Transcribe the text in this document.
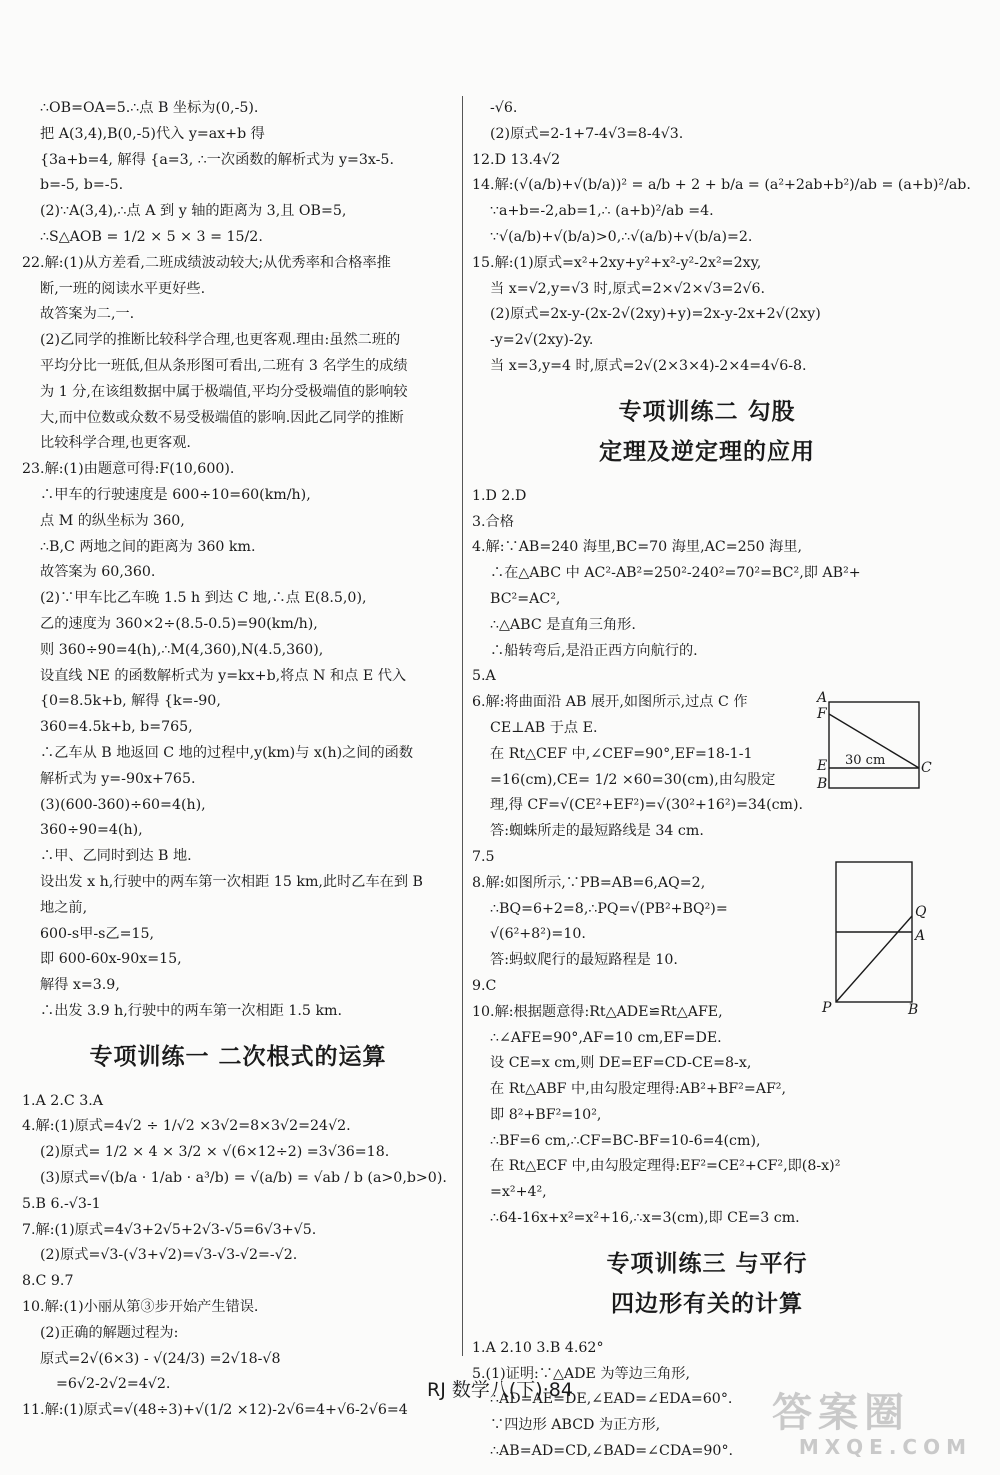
∴OB=OA=5.∴点 B 坐标为(0,-5).
把 A(3,4),B(0,-5)代入 y=ax+b 得
{3a+b=4, 解得 {a=3, ∴一次函数的解析式为 y=3x-5.
b=-5, b=-5.
(2)∵A(3,4),∴点 A 到 y 轴的距离为 3,且 OB=5,
∴S△AOB = 1/2 × 5 × 3 = 15/2.
22.解:(1)从方差看,二班成绩波动较大;从优秀率和合格率推
断,一班的阅读水平更好些.
故答案为二,一.
(2)乙同学的推断比较科学合理,也更客观.理由:虽然二班的
平均分比一班低,但从条形图可看出,二班有 3 名学生的成绩
为 1 分,在该组数据中属于极端值,平均分受极端值的影响较
大,而中位数或众数不易受极端值的影响.因此乙同学的推断
比较科学合理,也更客观.
23.解:(1)由题意可得:F(10,600).
∴甲车的行驶速度是 600÷10=60(km/h),
点 M 的纵坐标为 360,
∴B,C 两地之间的距离为 360 km.
故答案为 60,360.
(2)∵甲车比乙车晚 1.5 h 到达 C 地,∴点 E(8.5,0),
乙的速度为 360×2÷(8.5-0.5)=90(km/h),
则 360÷90=4(h),∴M(4,360),N(4.5,360),
设直线 NE 的函数解析式为 y=kx+b,将点 N 和点 E 代入
{0=8.5k+b, 解得 {k=-90,
360=4.5k+b, b=765,
∴乙车从 B 地返回 C 地的过程中,y(km)与 x(h)之间的函数
解析式为 y=-90x+765.
(3)(600-360)÷60=4(h),
360÷90=4(h),
∴甲、乙同时到达 B 地.
设出发 x h,行驶中的两车第一次相距 15 km,此时乙车在到 B
地之前,
600-s甲-s乙=15,
即 600-60x-90x=15,
解得 x=3.9,
∴出发 3.9 h,行驶中的两车第一次相距 1.5 km.
专项训练一 二次根式的运算
1.A 2.C 3.A
4.解:(1)原式=4√2 ÷ 1/√2 ×3√2=8×3√2=24√2.
(2)原式= 1/2 × 4 × 3/2 × √(6×12÷2) =3√36=18.
(3)原式=√(b/a · 1/ab · a³/b) = √(a/b) = √ab / b (a>0,b>0).
5.B 6.-√3-1
7.解:(1)原式=4√3+2√5+2√3-√5=6√3+√5.
(2)原式=√3-(√3+√2)=√3-√3-√2=-√2.
8.C 9.7
10.解:(1)小丽从第③步开始产生错误.
(2)正确的解题过程为:
原式=2√(6×3) - √(24/3) =2√18-√8
=6√2-2√2=4√2.
11.解:(1)原式=√(48÷3)+√(1/2 ×12)-2√6=4+√6-2√6=4
-√6.
(2)原式=2-1+7-4√3=8-4√3.
12.D 13.4√2
14.解:(√(a/b)+√(b/a))² = a/b + 2 + b/a = (a²+2ab+b²)/ab = (a+b)²/ab.
∵a+b=-2,ab=1,∴ (a+b)²/ab =4.
∵√(a/b)+√(b/a)>0,∴√(a/b)+√(b/a)=2.
15.解:(1)原式=x²+2xy+y²+x²-y²-2x²=2xy,
当 x=√2,y=√3 时,原式=2×√2×√3=2√6.
(2)原式=2x-y-(2x-2√(2xy)+y)=2x-y-2x+2√(2xy)
-y=2√(2xy)-2y.
当 x=3,y=4 时,原式=2√(2×3×4)-2×4=4√6-8.
专项训练二 勾股
定理及逆定理的应用
1.D 2.D
3.合格
4.解:∵AB=240 海里,BC=70 海里,AC=250 海里,
∴在△ABC 中 AC²-AB²=250²-240²=70²=BC²,即 AB²+
BC²=AC²,
∴△ABC 是直角三角形.
∴船转弯后,是沿正西方向航行的.
5.A
6.解:将曲面沿 AB 展开,如图所示,过点 C 作
CE⊥AB 于点 E.
在 Rt△CEF 中,∠CEF=90°,EF=18-1-1
=16(cm),CE= 1/2 ×60=30(cm),由勾股定
理,得 CF=√(CE²+EF²)=√(30²+16²)=34(cm).
答:蜘蛛所走的最短路线是 34 cm.
7.5
8.解:如图所示,∵PB=AB=6,AQ=2,
∴BQ=6+2=8,∴PQ=√(PB²+BQ²)=
√(6²+8²)=10.
答:蚂蚁爬行的最短路程是 10.
9.C
10.解:根据题意得:Rt△ADE≌Rt△AFE,
∴∠AFE=90°,AF=10 cm,EF=DE.
设 CE=x cm,则 DE=EF=CD-CE=8-x,
在 Rt△ABF 中,由勾股定理得:AB²+BF²=AF²,
即 8²+BF²=10²,
∴BF=6 cm,∴CF=BC-BF=10-6=4(cm),
在 Rt△ECF 中,由勾股定理得:EF²=CE²+CF²,即(8-x)²
=x²+4²,
∴64-16x+x²=x²+16,∴x=3(cm),即 CE=3 cm.
专项训练三 与平行
四边形有关的计算
1.A 2.10 3.B 4.62°
5.(1)证明:∵△ADE 为等边三角形,
∴AD=AE=DE,∠EAD=∠EDA=60°.
∵四边形 ABCD 为正方形,
∴AB=AD=CD,∠BAD=∠CDA=90°.
A
F
E
B
C
30 cm
Q
A
P	B
RJ 数学八(下)·84	答案圈
MXQE.COM
